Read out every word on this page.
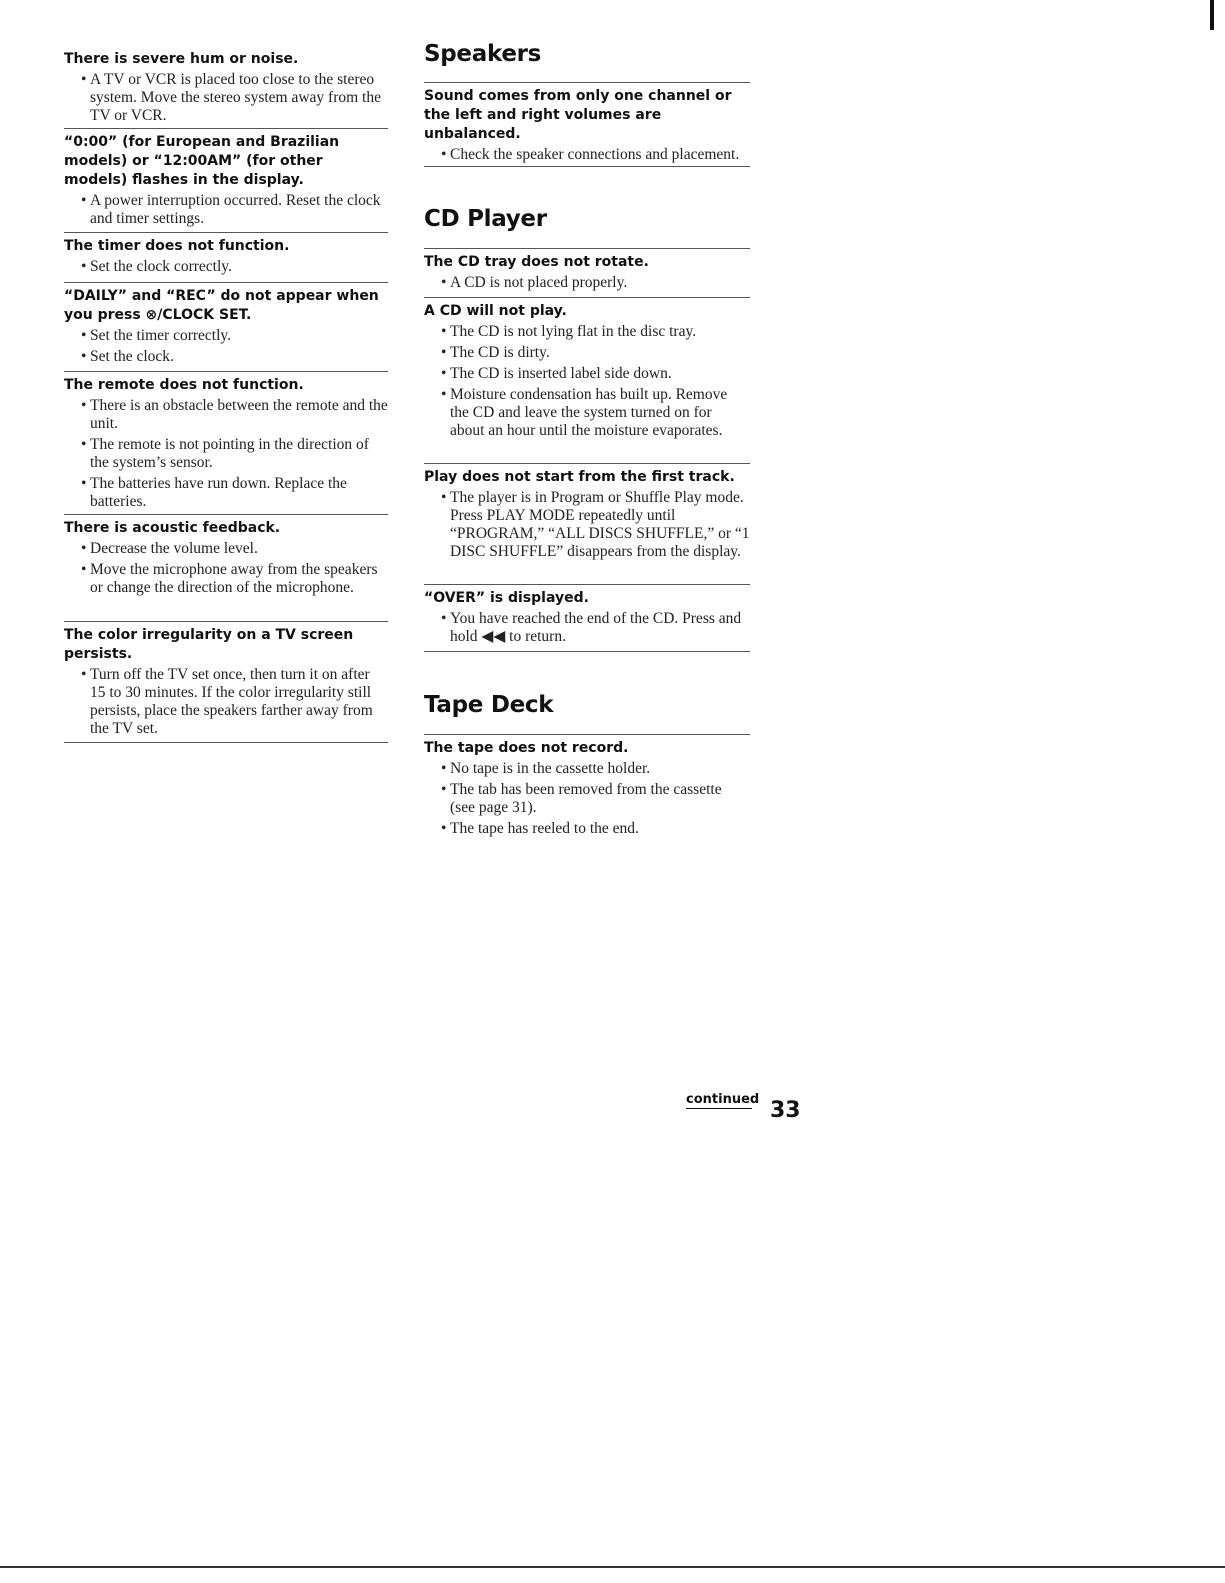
There is severe hum or noise.
• A TV or VCR is placed too close to the stereo system. Move the stereo system away from the TV or VCR.
“0:00” (for European and Brazilian models) or “12:00AM” (for other models) flashes in the display.
• A power interruption occurred. Reset the clock and timer settings.
The timer does not function.
• Set the clock correctly.
“DAILY” and “REC” do not appear when you press ⊗/CLOCK SET.
• Set the timer correctly.
• Set the clock.
The remote does not function.
• There is an obstacle between the remote and the unit.
• The remote is not pointing in the direction of the system’s sensor.
• The batteries have run down. Replace the batteries.
There is acoustic feedback.
• Decrease the volume level.
• Move the microphone away from the speakers or change the direction of the microphone.
The color irregularity on a TV screen persists.
• Turn off the TV set once, then turn it on after 15 to 30 minutes. If the color irregularity still persists, place the speakers farther away from the TV set.
Speakers
Sound comes from only one channel or the left and right volumes are unbalanced.
• Check the speaker connections and placement.
CD Player
The CD tray does not rotate.
• A CD is not placed properly.
A CD will not play.
• The CD is not lying flat in the disc tray.
• The CD is dirty.
• The CD is inserted label side down.
• Moisture condensation has built up. Remove the CD and leave the system turned on for about an hour until the moisture evaporates.
Play does not start from the first track.
• The player is in Program or Shuffle Play mode. Press PLAY MODE repeatedly until “PROGRAM,” “ALL DISCS SHUFFLE,” or “1 DISC SHUFFLE” disappears from the display.
“OVER” is displayed.
• You have reached the end of the CD. Press and hold ◀◀ to return.
Tape Deck
The tape does not record.
• No tape is in the cassette holder.
• The tab has been removed from the cassette (see page 31).
• The tape has reeled to the end.
continued 33
